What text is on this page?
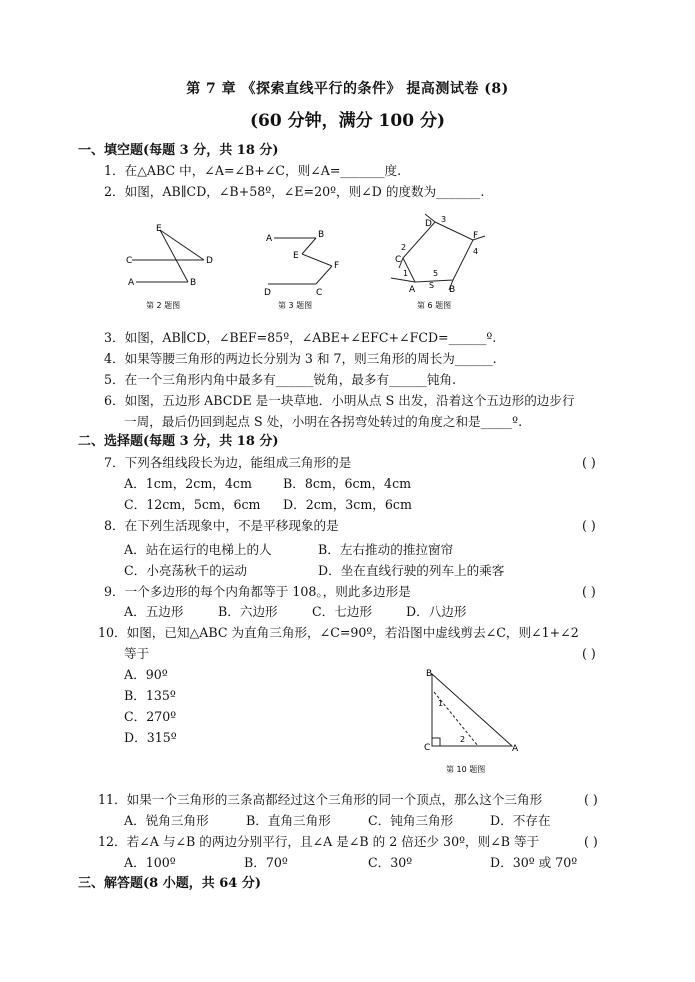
第 7 章 《探索直线平行的条件》 提高测试卷 (8)
(60 分钟，满分 100 分)
一、填空题(每题 3 分，共 18 分)
1．在△ABC 中，∠A=∠B+∠C，则∠A=_______度.
2．如图，AB∥CD，∠B+58º，∠E=20º，则∠D 的度数为_______.
E
C
A	B
D
第 2 题图
A	B
E
D
F
C
第 3 题图
D 3
F
2	4
C
1	5
A	B
S
第 6 题图
3．如图，AB∥CD，∠BEF=85º，∠ABE+∠EFC+∠FCD=______º.
4．如果等腰三角形的两边长分别为 3 和 7，则三角形的周长为______.
5．在一个三角形内角中最多有______锐角，最多有______钝角.
6．如图，五边形 ABCDE 是一块草地．小明从点 S 出发，沿着这个五边形的边步行
一周，最后仍回到起点 S 处，小明在各拐弯处转过的角度之和是_____º.
二、选择题(每题 3 分，共 18 分)
7．下列各组线段长为边，能组成三角形的是	( )
A．1cm，2cm，4cm B．8cm，6cm，4cm
C．12cm，5cm，6cm D．2cm，3cm，6cm
8．在下列生活现象中，不是平移现象的是	( )
A．站在运行的电梯上的人	B．左右推动的推拉窗帘
C．小亮荡秋千的运动	D．坐在直线行驶的列车上的乘客
9．一个多边形的每个内角都等于 108。，则此多边形是	( )
A．五边形	B．六边形	C．七边形	D．八边形
10．如图，已知△ABC 为直角三角形，∠C=90º，若沿图中虚线剪去∠C，则∠1+∠2
等于	( )
A．90º
B．135º
C．270º
D．315º
B
1
2
C	A
第 10 题图
11．如果一个三角形的三条高都经过这个三角形的同一个顶点，那么这个三角形	( )
A．锐角三角形	B．直角三角形	C．钝角三角形	D．不存在
12．若∠A 与∠B 的两边分别平行，且∠A 是∠B 的 2 倍还少 30º，则∠B 等于	( )
A．100º	B．70º	C．30º	D．30º 或 70º
三、解答题(8 小题，共 64 分)
